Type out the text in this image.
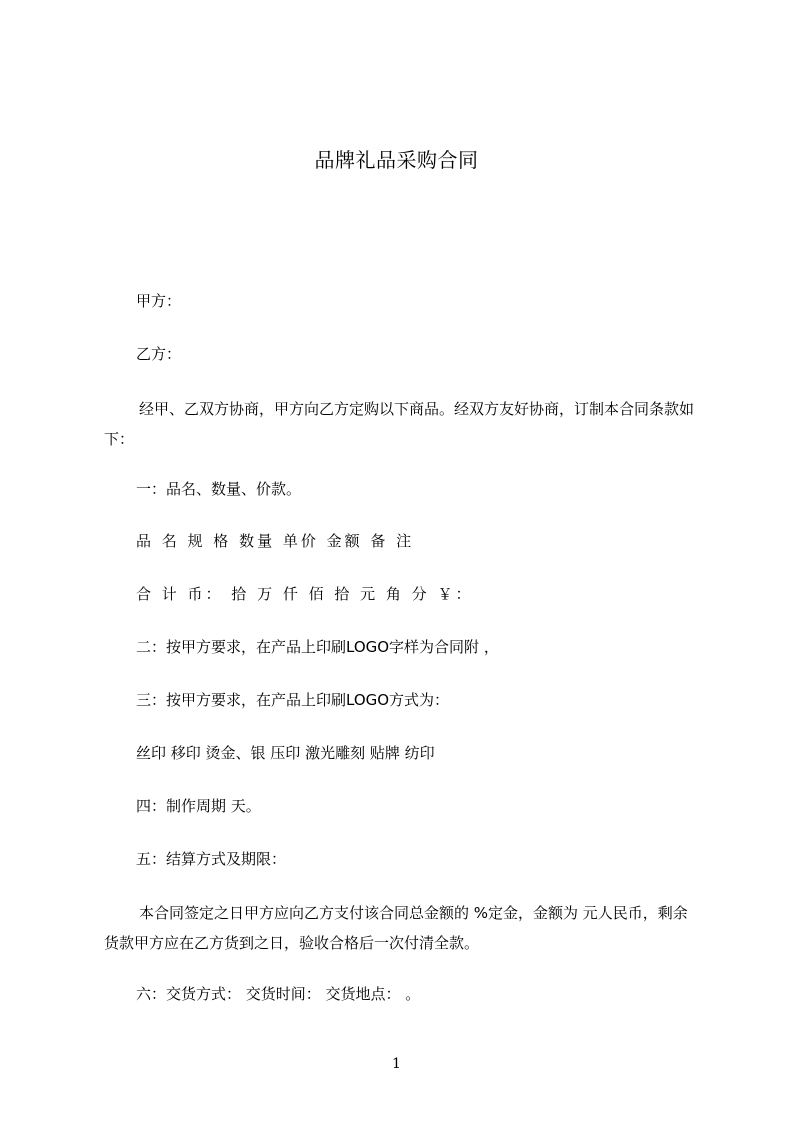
品牌礼品采购合同
甲方：
乙方：
经甲、乙双方协商，甲方向乙方定购以下商品。经双方友好协商，订制本合同条款如下：
一：品名、数量、价款。
品 名 规 格 数量 单价 金额 备 注
合 计 币： 拾 万 仟 佰 拾 元 角 分 ￥：
二：按甲方要求，在产品上印刷LOGO字样为合同附 ，
三：按甲方要求，在产品上印刷LOGO方式为：
丝印 移印 烫金、银 压印 激光雕刻 贴牌 纺印
四：制作周期 天。
五：结算方式及期限：
本合同签定之日甲方应向乙方支付该合同总金额的 %定金，金额为 元人民币，剩余货款甲方应在乙方货到之日，验收合格后一次付清全款。
六：交货方式： 交货时间： 交货地点： 。
1
